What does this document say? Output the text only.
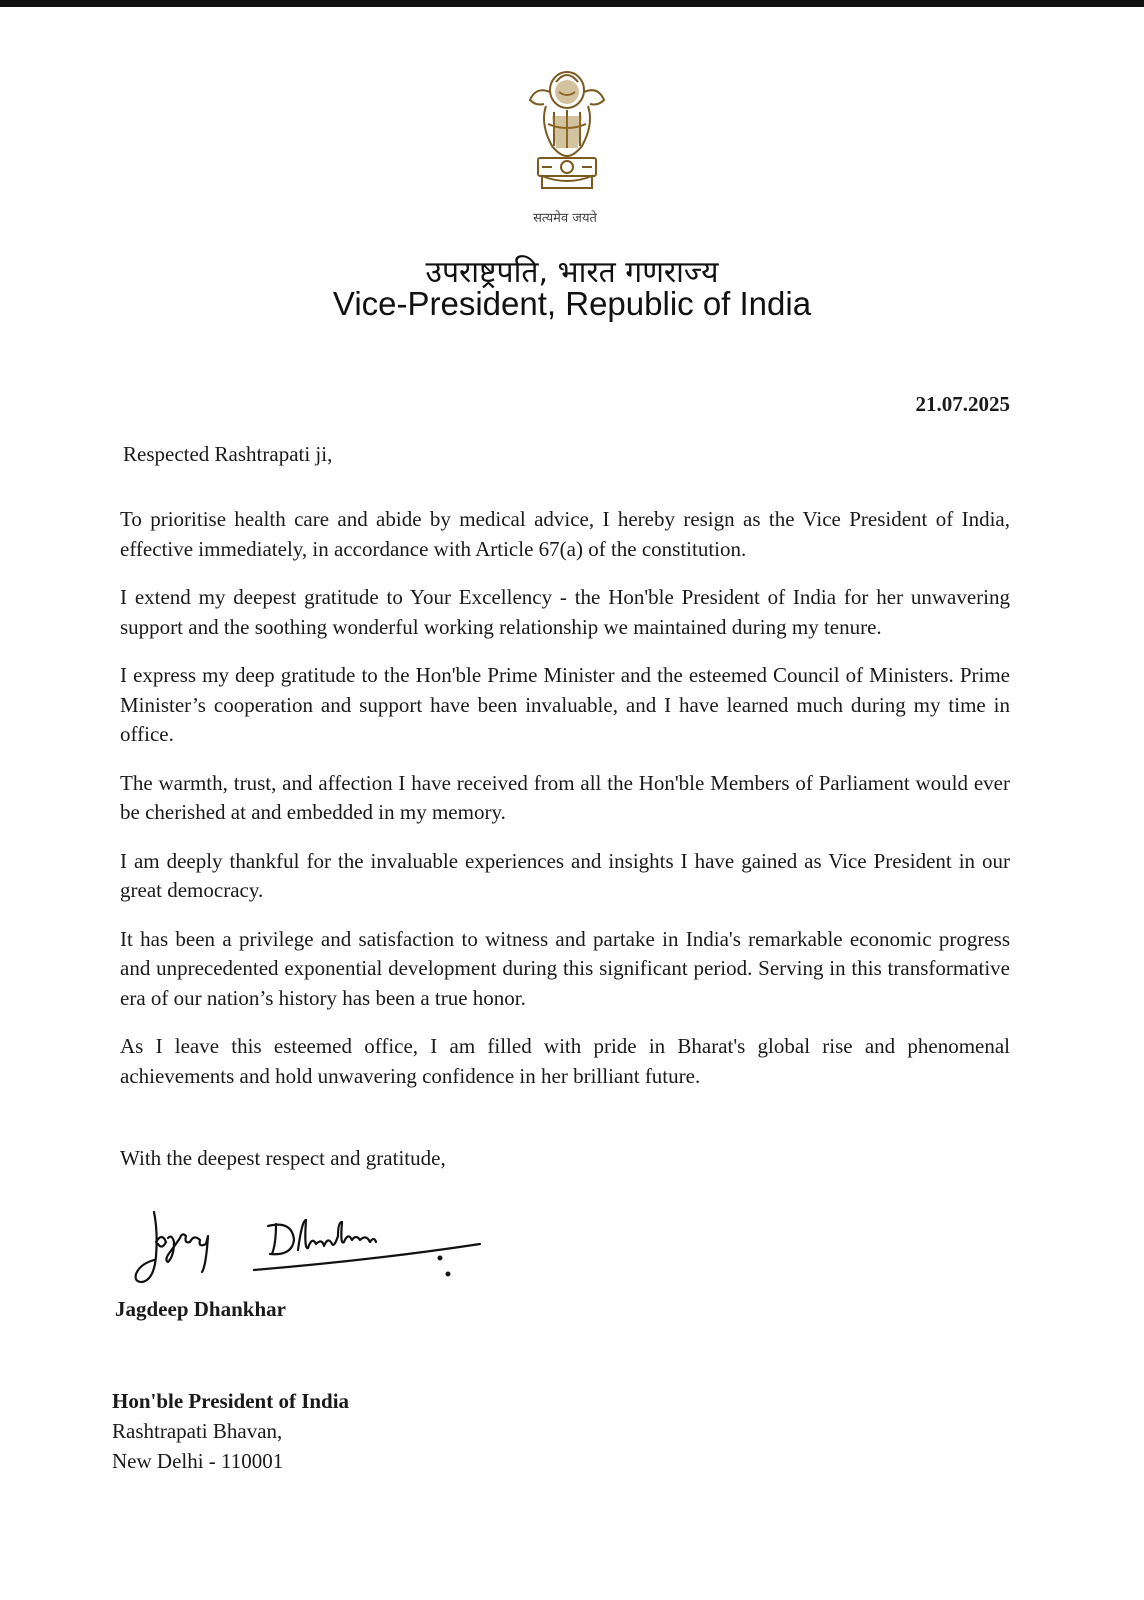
सत्यमेव जयते
उपराष्ट्रपति, भारत गणराज्य
Vice-President, Republic of India
21.07.2025
Respected Rashtrapati ji,

To prioritise health care and abide by medical advice, I hereby resign as the Vice President of India, effective immediately, in accordance with Article 67(a) of the constitution.

I extend my deepest gratitude to Your Excellency - the Hon'ble President of India for her unwavering support and the soothing wonderful working relationship we maintained during my tenure.

I express my deep gratitude to the Hon'ble Prime Minister and the esteemed Council of Ministers. Prime Minister’s cooperation and support have been invaluable, and I have learned much during my time in office.

The warmth, trust, and affection I have received from all the Hon'ble Members of Parliament would ever be cherished at and embedded in my memory.

I am deeply thankful for the invaluable experiences and insights I have gained as Vice President in our great democracy.

It has been a privilege and satisfaction to witness and partake in India's remarkable economic progress and unprecedented exponential development during this significant period. Serving in this transformative era of our nation’s history has been a true honor.

As I leave this esteemed office, I am filled with pride in Bharat's global rise and phenomenal achievements and hold unwavering confidence in her brilliant future.

With the deepest respect and gratitude,
Jagdeep Dhankhar
Hon'ble President of India
Rashtrapati Bhavan,
New Delhi - 110001
